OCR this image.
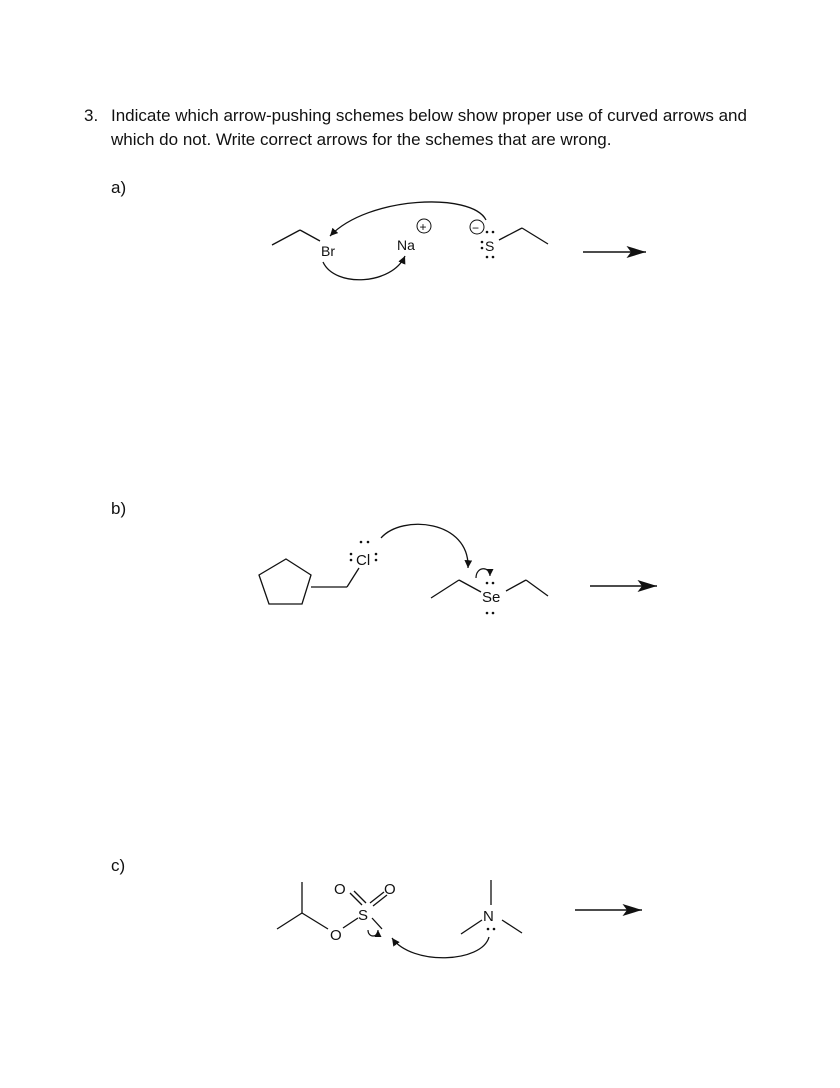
3. Indicate which arrow-pushing schemes below show proper use of curved arrows and
which do not. Write correct arrows for the schemes that are wrong.
a)
Br	Na
+	−
S
Cl
Se
O
S
O	O
N
b)
c)
